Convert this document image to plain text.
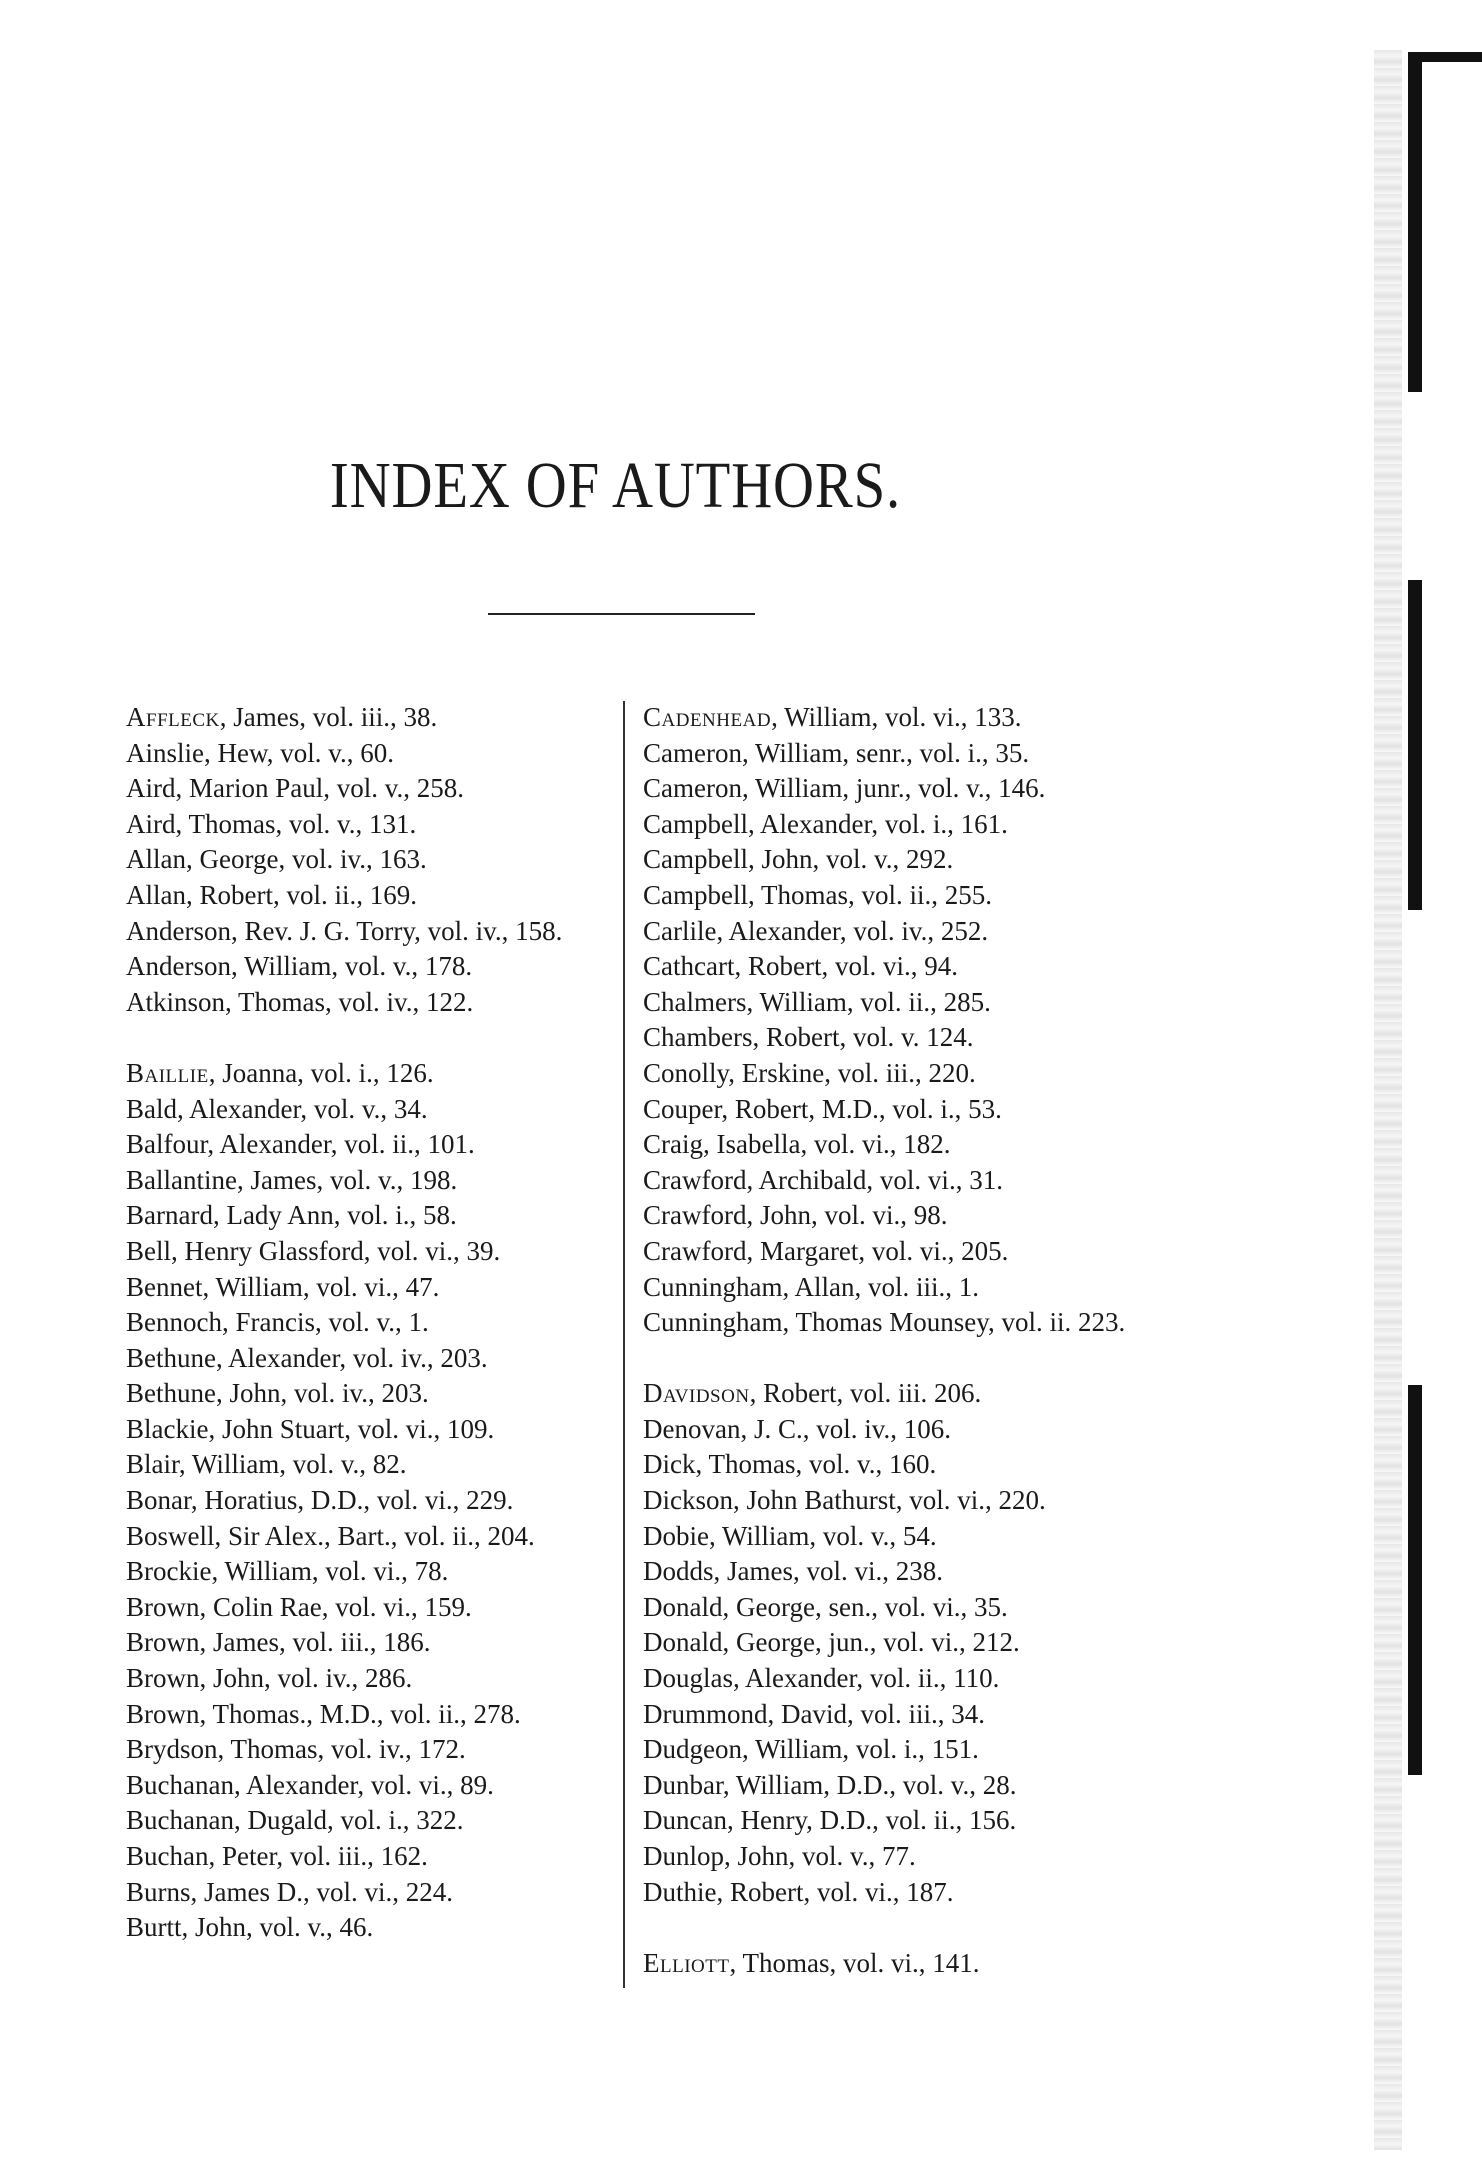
INDEX OF AUTHORS.
Affleck, James, vol. iii., 38.
Ainslie, Hew, vol. v., 60.
Aird, Marion Paul, vol. v., 258.
Aird, Thomas, vol. v., 131.
Allan, George, vol. iv., 163.
Allan, Robert, vol. ii., 169.
Anderson, Rev. J. G. Torry, vol. iv., 158.
Anderson, William, vol. v., 178.
Atkinson, Thomas, vol. iv., 122.
Baillie, Joanna, vol. i., 126.
Bald, Alexander, vol. v., 34.
Balfour, Alexander, vol. ii., 101.
Ballantine, James, vol. v., 198.
Barnard, Lady Ann, vol. i., 58.
Bell, Henry Glassford, vol. vi., 39.
Bennet, William, vol. vi., 47.
Bennoch, Francis, vol. v., 1.
Bethune, Alexander, vol. iv., 203.
Bethune, John, vol. iv., 203.
Blackie, John Stuart, vol. vi., 109.
Blair, William, vol. v., 82.
Bonar, Horatius, D.D., vol. vi., 229.
Boswell, Sir Alex., Bart., vol. ii., 204.
Brockie, William, vol. vi., 78.
Brown, Colin Rae, vol. vi., 159.
Brown, James, vol. iii., 186.
Brown, John, vol. iv., 286.
Brown, Thomas., M.D., vol. ii., 278.
Brydson, Thomas, vol. iv., 172.
Buchanan, Alexander, vol. vi., 89.
Buchanan, Dugald, vol. i., 322.
Buchan, Peter, vol. iii., 162.
Burns, James D., vol. vi., 224.
Burtt, John, vol. v., 46.
Cadenhead, William, vol. vi., 133.
Cameron, William, senr., vol. i., 35.
Cameron, William, junr., vol. v., 146.
Campbell, Alexander, vol. i., 161.
Campbell, John, vol. v., 292.
Campbell, Thomas, vol. ii., 255.
Carlile, Alexander, vol. iv., 252.
Cathcart, Robert, vol. vi., 94.
Chalmers, William, vol. ii., 285.
Chambers, Robert, vol. v. 124.
Conolly, Erskine, vol. iii., 220.
Couper, Robert, M.D., vol. i., 53.
Craig, Isabella, vol. vi., 182.
Crawford, Archibald, vol. vi., 31.
Crawford, John, vol. vi., 98.
Crawford, Margaret, vol. vi., 205.
Cunningham, Allan, vol. iii., 1.
Cunningham, Thomas Mounsey, vol. ii. 223.
Davidson, Robert, vol. iii. 206.
Denovan, J. C., vol. iv., 106.
Dick, Thomas, vol. v., 160.
Dickson, John Bathurst, vol. vi., 220.
Dobie, William, vol. v., 54.
Dodds, James, vol. vi., 238.
Donald, George, sen., vol. vi., 35.
Donald, George, jun., vol. vi., 212.
Douglas, Alexander, vol. ii., 110.
Drummond, David, vol. iii., 34.
Dudgeon, William, vol. i., 151.
Dunbar, William, D.D., vol. v., 28.
Duncan, Henry, D.D., vol. ii., 156.
Dunlop, John, vol. v., 77.
Duthie, Robert, vol. vi., 187.
Elliott, Thomas, vol. vi., 141.
